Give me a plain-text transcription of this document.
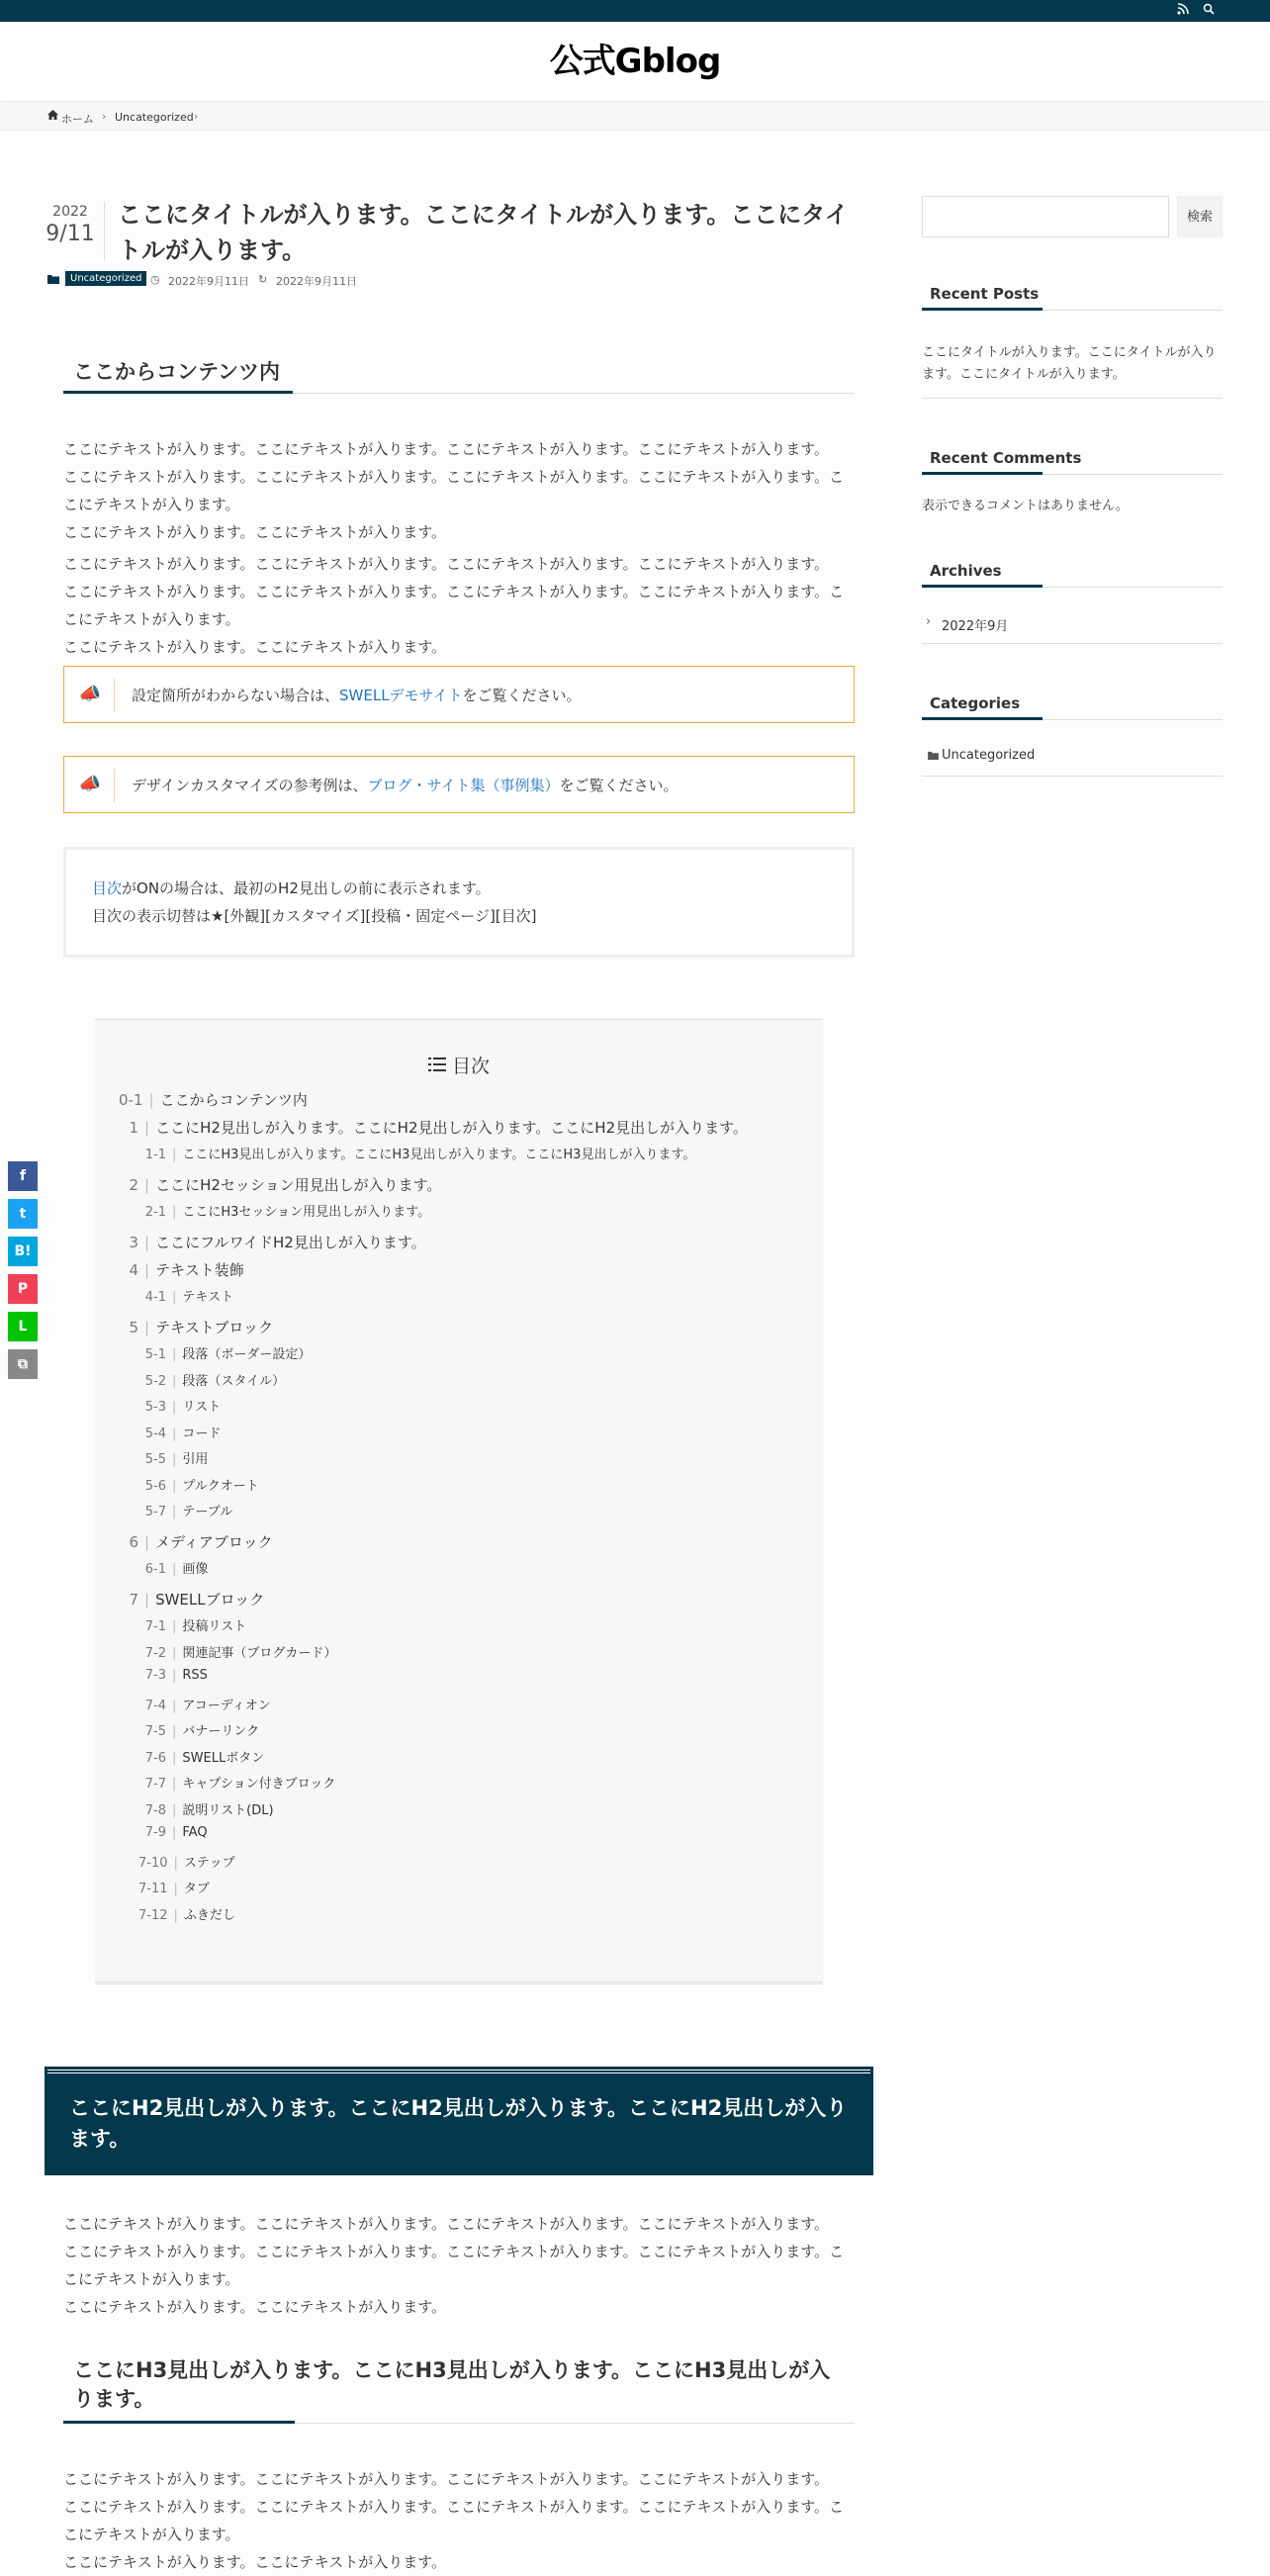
公式Gblog
ホーム › Uncategorized ›
2022
9/11
ここにタイトルが入ります。ここにタイトルが入ります。ここにタイトルが入ります。
Uncategorized ◷ 2022年9月11日 ↻ 2022年9月11日
ここからコンテンツ内
ここにテキストが入ります。ここにテキストが入ります。ここにテキストが入ります。ここにテキストが入ります。
ここにテキストが入ります。ここにテキストが入ります。ここにテキストが入ります。ここにテキストが入ります。ここにテキストが入ります。
ここにテキストが入ります。ここにテキストが入ります。
ここにテキストが入ります。ここにテキストが入ります。ここにテキストが入ります。ここにテキストが入ります。
ここにテキストが入ります。ここにテキストが入ります。ここにテキストが入ります。ここにテキストが入ります。ここにテキストが入ります。
ここにテキストが入ります。ここにテキストが入ります。
📣 設定箇所がわからない場合は、SWELLデモサイトをご覧ください。
📣 デザインカスタマイズの参考例は、ブログ・サイト集（事例集）をご覧ください。
目次がONの場合は、最初のH2見出しの前に表示されます。
目次の表示切替は★[外観][カスタマイズ][投稿・固定ページ][目次]
目次
0-1 | ここからコンテンツ内
1 | ここにH2見出しが入ります。ここにH2見出しが入ります。ここにH2見出しが入ります。
1-1 | ここにH3見出しが入ります。ここにH3見出しが入ります。ここにH3見出しが入ります。
2 | ここにH2セッション用見出しが入ります。
2-1 | ここにH3セッション用見出しが入ります。
3 | ここにフルワイドH2見出しが入ります。
4 | テキスト装飾
4-1 | テキスト
5 | テキストブロック
5-1 | 段落（ボーダー設定）
5-2 | 段落（スタイル）
5-3 | リスト
5-4 | コード
5-5 | 引用
5-6 | プルクオート
5-7 | テーブル
6 | メディアブロック
6-1 | 画像
7 | SWELLブロック
7-1 | 投稿リスト
7-2 | 関連記事（ブログカード）
7-3 | RSS
7-4 | アコーディオン
7-5 | バナーリンク
7-6 | SWELLボタン
7-7 | キャプション付きブロック
7-8 | 説明リスト(DL)
7-9 | FAQ
7-10 | ステップ
7-11 | タブ
7-12 | ふきだし
f
t
B!
P
L
⧉
ここにH2見出しが入ります。ここにH2見出しが入ります。ここにH2見出しが入ります。
ここにテキストが入ります。ここにテキストが入ります。ここにテキストが入ります。ここにテキストが入ります。
ここにテキストが入ります。ここにテキストが入ります。ここにテキストが入ります。ここにテキストが入ります。ここにテキストが入ります。
ここにテキストが入ります。ここにテキストが入ります。
ここにH3見出しが入ります。ここにH3見出しが入ります。ここにH3見出しが入ります。
ここにテキストが入ります。ここにテキストが入ります。ここにテキストが入ります。ここにテキストが入ります。
ここにテキストが入ります。ここにテキストが入ります。ここにテキストが入ります。ここにテキストが入ります。ここにテキストが入ります。
ここにテキストが入ります。ここにテキストが入ります。
検索
Recent Posts
ここにタイトルが入ります。ここにタイトルが入ります。ここにタイトルが入ります。
Recent Comments
表示できるコメントはありません。
Archives
› 2022年9月
Categories
Uncategorized
